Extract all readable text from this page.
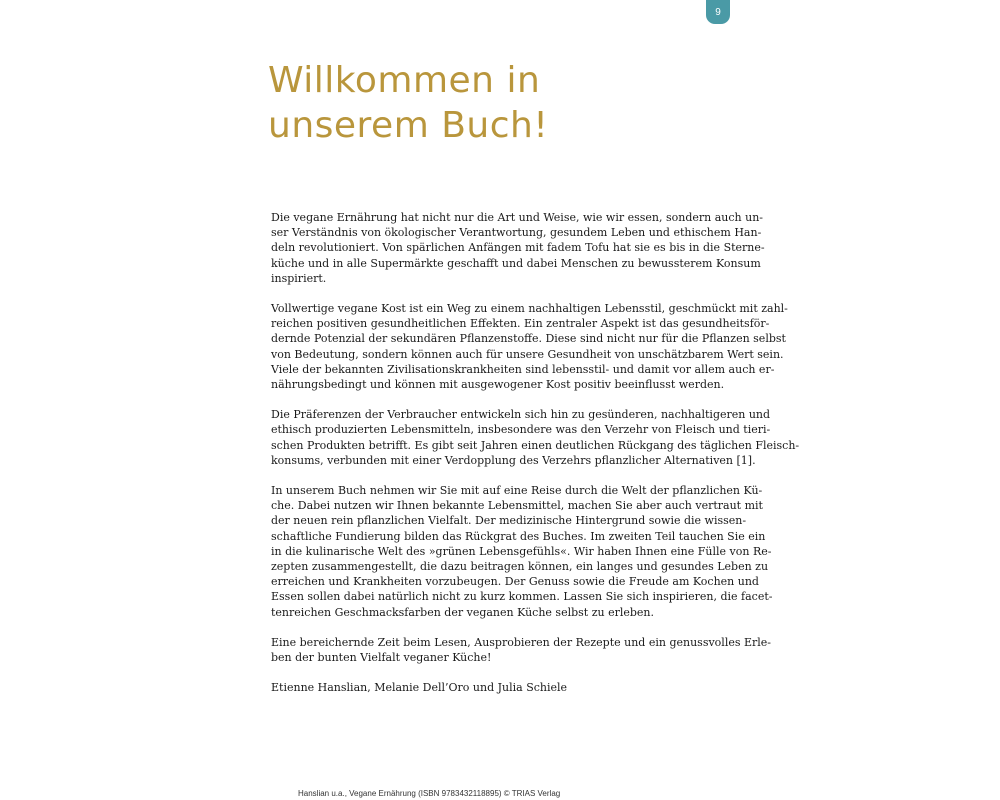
9
Willkommen in
unserem Buch!

Die vegane Ernährung hat nicht nur die Art und Weise, wie wir essen, sondern auch un-
ser Verständnis von ökologischer Verantwortung, gesundem Leben und ethischem Han-
deln revolutioniert. Von spärlichen Anfängen mit fadem Tofu hat sie es bis in die Sterne-
küche und in alle Supermärkte geschafft und dabei Menschen zu bewussterem Konsum
inspiriert.

Vollwertige vegane Kost ist ein Weg zu einem nachhaltigen Lebensstil, geschmückt mit zahl-
reichen positiven gesundheitlichen Effekten. Ein zentraler Aspekt ist das gesundheitsför-
dernde Potenzial der sekundären Pflanzenstoffe. Diese sind nicht nur für die Pflanzen selbst
von Bedeutung, sondern können auch für unsere Gesundheit von unschätzbarem Wert sein.
Viele der bekannten Zivilisationskrankheiten sind lebensstil- und damit vor allem auch er-
nährungsbedingt und können mit ausgewogener Kost positiv beeinflusst werden.

Die Präferenzen der Verbraucher entwickeln sich hin zu gesünderen, nachhaltigeren und
ethisch produzierten Lebensmitteln, insbesondere was den Verzehr von Fleisch und tieri-
schen Produkten betrifft. Es gibt seit Jahren einen deutlichen Rückgang des täglichen Fleisch-
konsums, verbunden mit einer Verdopplung des Verzehrs pflanzlicher Alternativen [1].

In unserem Buch nehmen wir Sie mit auf eine Reise durch die Welt der pflanzlichen Kü-
che. Dabei nutzen wir Ihnen bekannte Lebensmittel, machen Sie aber auch vertraut mit
der neuen rein pflanzlichen Vielfalt. Der medizinische Hintergrund sowie die wissen-
schaftliche Fundierung bilden das Rückgrat des Buches. Im zweiten Teil tauchen Sie ein
in die kulinarische Welt des »grünen Lebensgefühls«. Wir haben Ihnen eine Fülle von Re-
zepten zusammengestellt, die dazu beitragen können, ein langes und gesundes Leben zu
erreichen und Krankheiten vorzubeugen. Der Genuss sowie die Freude am Kochen und
Essen sollen dabei natürlich nicht zu kurz kommen. Lassen Sie sich inspirieren, die facet-
tenreichen Geschmacksfarben der veganen Küche selbst zu erleben.

Eine bereichernde Zeit beim Lesen, Ausprobieren der Rezepte und ein genussvolles Erle-
ben der bunten Vielfalt veganer Küche!

Etienne Hanslian, Melanie Dell’Oro und Julia Schiele

Hanslian u.a., Vegane Ernährung (ISBN 9783432118895) © TRIAS Verlag
